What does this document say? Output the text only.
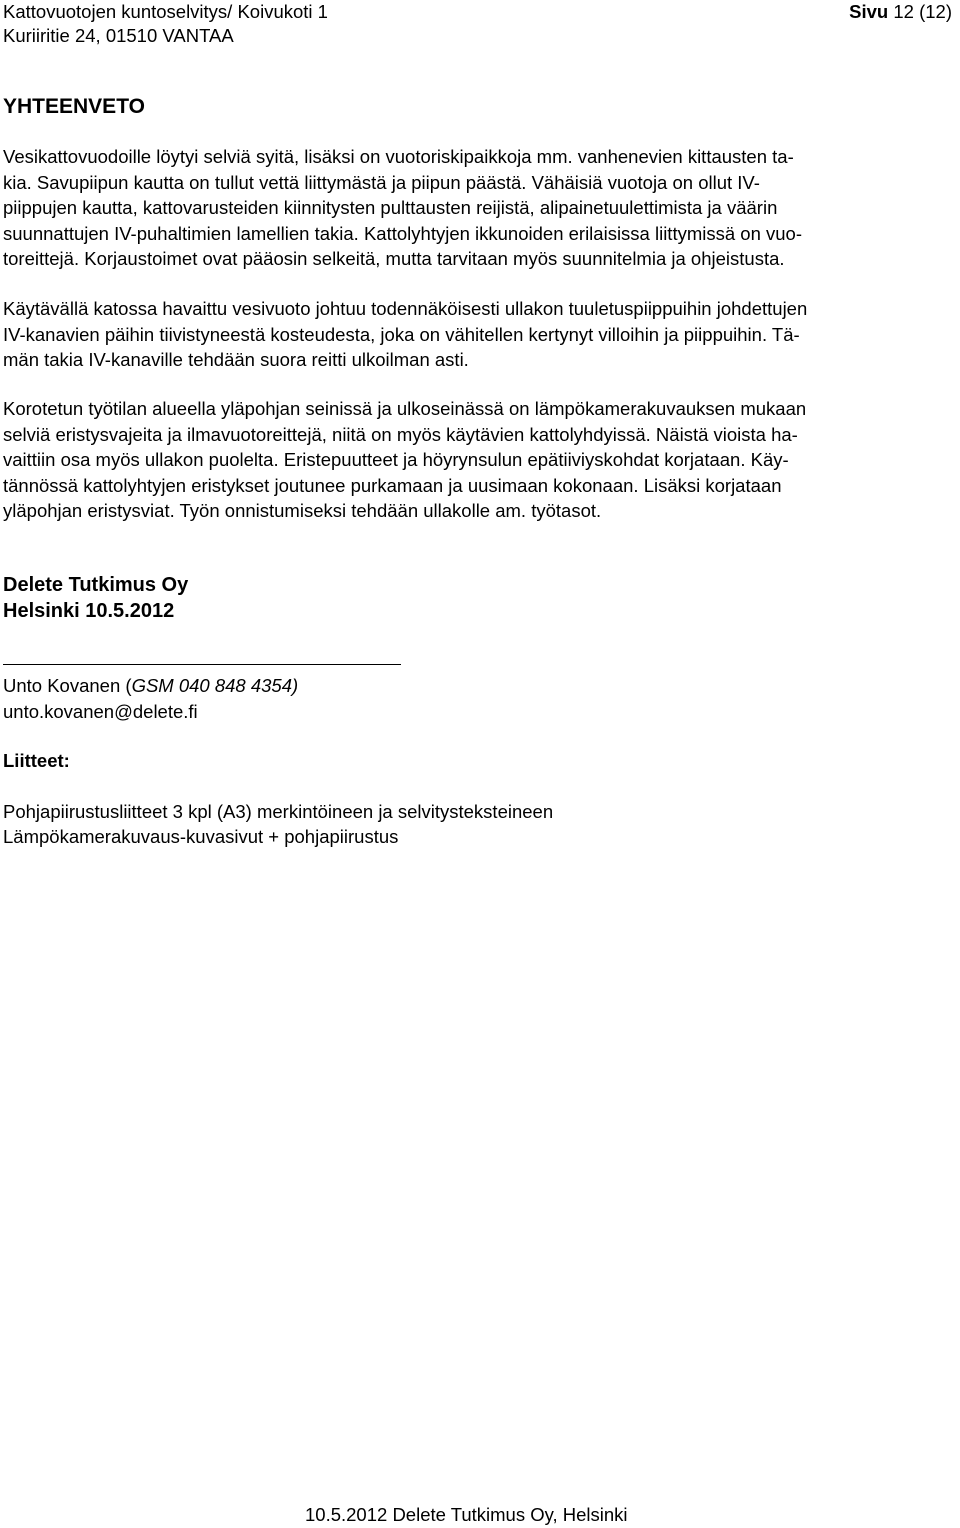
Kattovuotojen kuntoselvitys/ Koivukoti 1
Kuriiritie 24, 01510 VANTAA
Sivu 12 (12)
YHTEENVETO
Vesikattovuodoille löytyi selviä syitä, lisäksi on vuotoriskipaikkoja mm. vanhenevien kittausten ta-
kia. Savupiipun kautta on tullut vettä liittymästä ja piipun päästä. Vähäisiä vuotoja on ollut IV-
piippujen kautta, kattovarusteiden kiinnitysten pulttausten reijistä, alipainetuulettimista ja väärin
suunnattujen IV-puhaltimien lamellien takia. Kattolyhtyjen ikkunoiden erilaisissa liittymissä on vuo-
toreittejä. Korjaustoimet ovat pääosin selkeitä, mutta tarvitaan myös suunnitelmia ja ohjeistusta.
Käytävällä katossa havaittu vesivuoto johtuu todennäköisesti ullakon tuuletuspiippuihin johdettujen
IV-kanavien päihin tiivistyneestä kosteudesta, joka on vähitellen kertynyt villoihin ja piippuihin. Tä-
män takia IV-kanaville tehdään suora reitti ulkoilman asti.
Korotetun työtilan alueella yläpohjan seinissä ja ulkoseinässä on lämpökamerakuvauksen mukaan
selviä eristysvajeita ja ilmavuotoreittejä, niitä on myös käytävien kattolyhdyissä. Näistä vioista ha-
vaittiin osa myös ullakon puolelta. Eristepuutteet ja höyrynsulun epätiiviyskohdat korjataan. Käy-
tännössä kattolyhtyjen eristykset joutunee purkamaan ja uusimaan kokonaan. Lisäksi korjataan
yläpohjan eristysviat. Työn onnistumiseksi tehdään ullakolle am. työtasot.
Delete Tutkimus Oy
Helsinki 10.5.2012
Unto Kovanen (GSM 040 848 4354)
unto.kovanen@delete.fi
Liitteet:
Pohjapiirustusliitteet 3 kpl (A3) merkintöineen ja selvitysteksteineen
Lämpökamerakuvaus-kuvasivut + pohjapiirustus
10.5.2012 Delete Tutkimus Oy, Helsinki
